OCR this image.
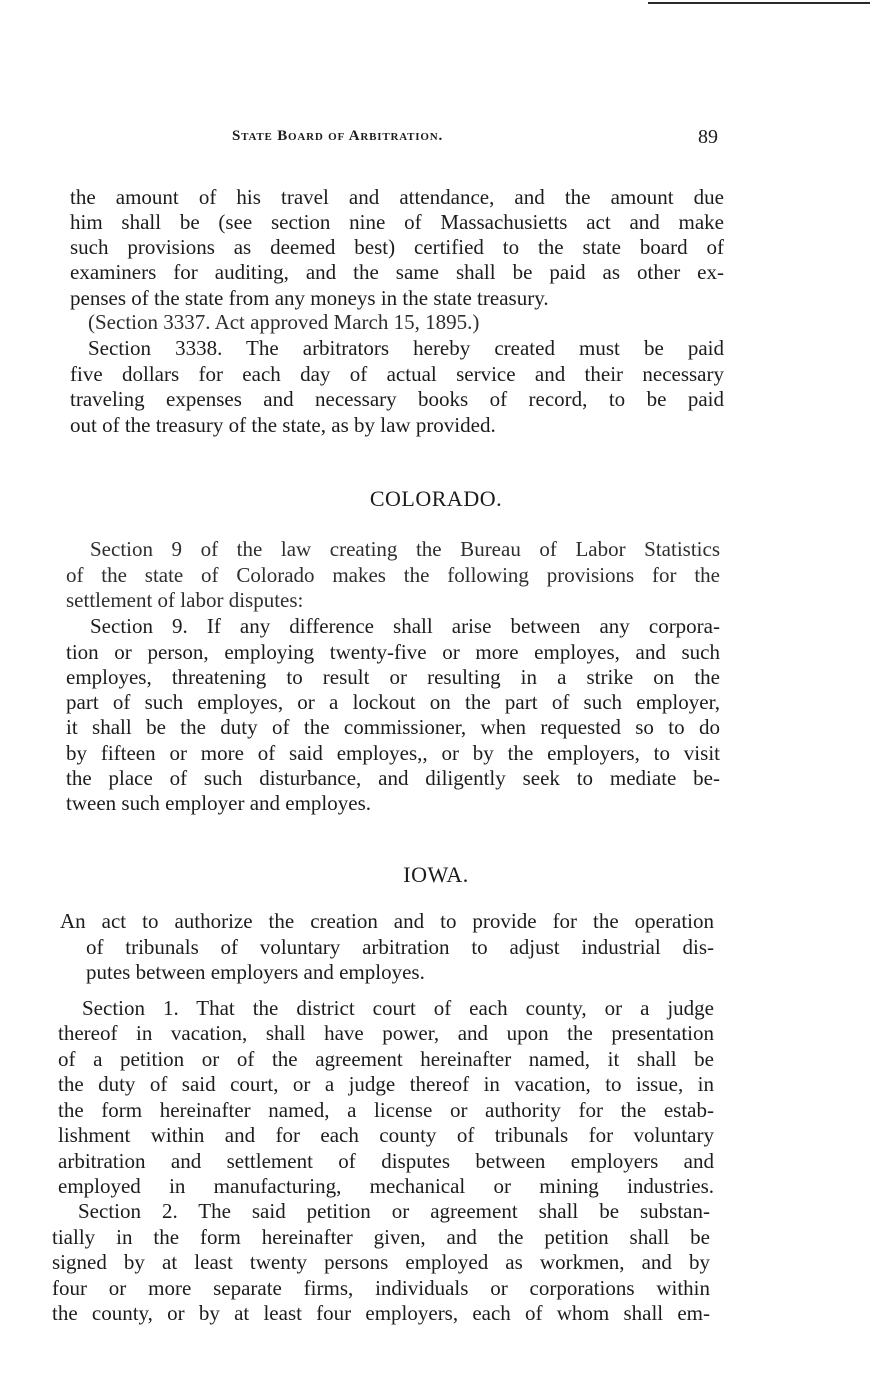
State Board of Arbitration.	89
the amount of his travel and attendance, and the amount due
him shall be (see section nine of Massachusietts act and make
such provisions as deemed best) certified to the state board of
examiners for auditing, and the same shall be paid as other ex-
penses of the state from any moneys in the state treasury.
(Section 3337. Act approved March 15, 1895.)
Section 3338. The arbitrators hereby created must be paid
five dollars for each day of actual service and their necessary
traveling expenses and necessary books of record, to be paid
out of the treasury of the state, as by law provided.
COLORADO.
Section 9 of the law creating the Bureau of Labor Statistics
of the state of Colorado makes the following provisions for the
settlement of labor disputes:
Section 9. If any difference shall arise between any corpora-
tion or person, employing twenty-five or more employes, and such
employes, threatening to result or resulting in a strike on the
part of such employes, or a lockout on the part of such employer,
it shall be the duty of the commissioner, when requested so to do
by fifteen or more of said employes,, or by the employers, to visit
the place of such disturbance, and diligently seek to mediate be-
tween such employer and employes.
IOWA.
An act to authorize the creation and to provide for the operation
of tribunals of voluntary arbitration to adjust industrial dis-
putes between employers and employes.
Section 1. That the district court of each county, or a judge
thereof in vacation, shall have power, and upon the presentation
of a petition or of the agreement hereinafter named, it shall be
the duty of said court, or a judge thereof in vacation, to issue, in
the form hereinafter named, a license or authority for the estab-
lishment within and for each county of tribunals for voluntary
arbitration and settlement of disputes between employers and
employed in manufacturing, mechanical or mining industries.
Section 2. The said petition or agreement shall be substan-
tially in the form hereinafter given, and the petition shall be
signed by at least twenty persons employed as workmen, and by
four or more separate firms, individuals or corporations within
the county, or by at least four employers, each of whom shall em-
